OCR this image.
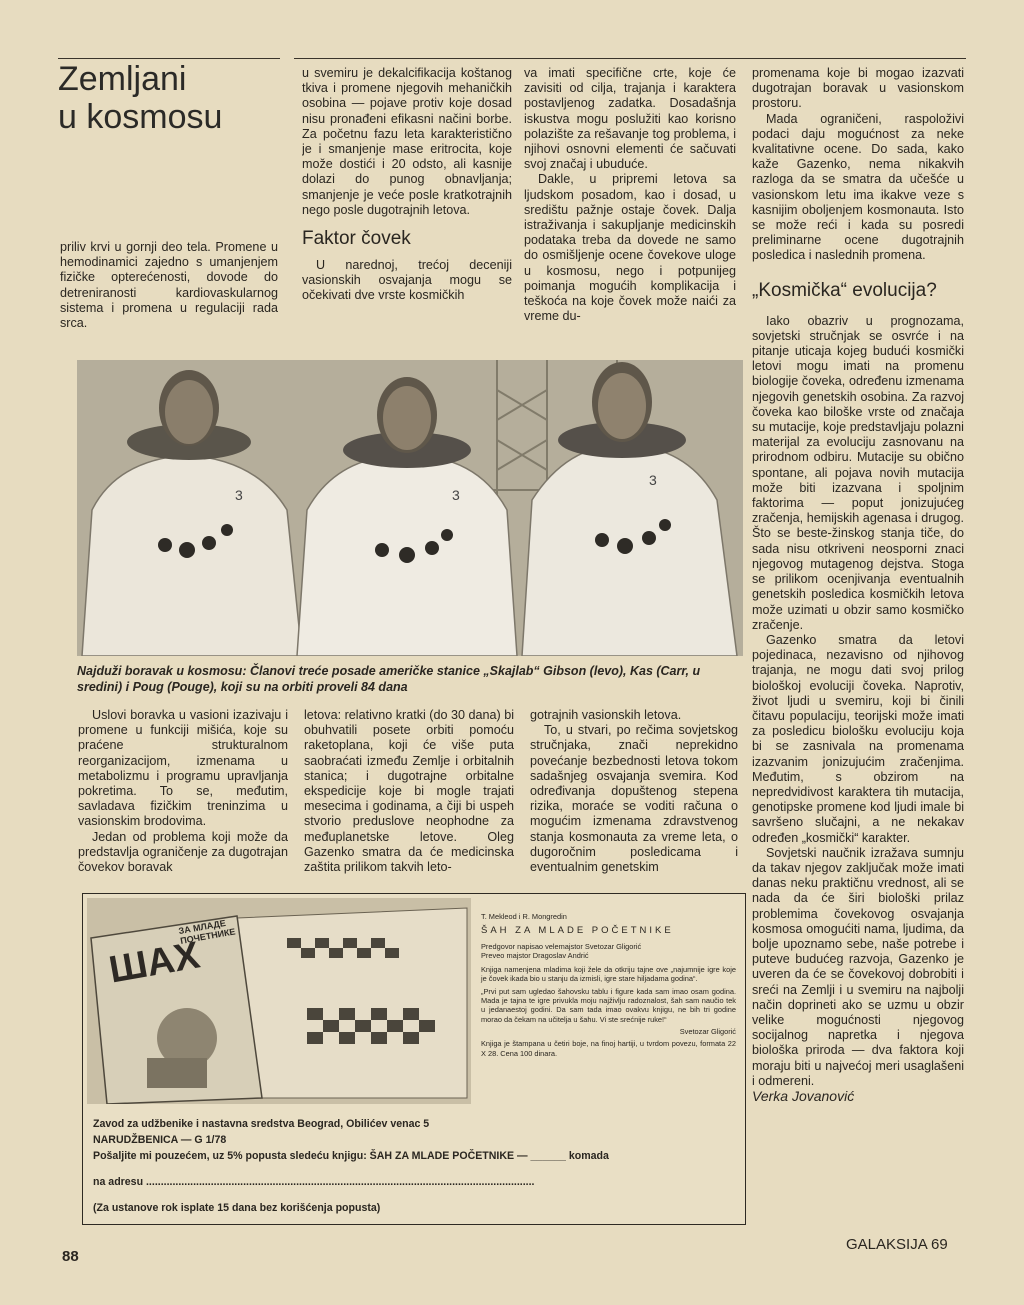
Zemljani
u kosmosu

priliv krvi u gornji deo tela. Promene u hemodinamici zajedno s umanjenjem fizičke opterećenosti, dovode do detreniranosti kardiovaskularnog sistema i promena u regulaciji rada srca.

u svemiru je dekalcifikacija koštanog tkiva i promene njegovih mehaničkih osobina — pojave protiv koje dosad nisu pronađeni efikasni načini borbe. Za početnu fazu leta karakteristično je i smanjenje mase eritrocita, koje može dostići i 20 odsto, ali kasnije dolazi do punog obnavljanja; smanjenje je veće posle kratkotrajnih nego posle dugotrajnih letova.

Faktor čovek

U narednoj, trećoj deceniji vasionskih osvajanja mogu se očekivati dve vrste kosmičkih

va imati specifične crte, koje će zavisiti od cilja, trajanja i karaktera postavljenog zadatka. Dosadašnja iskustva mogu poslužiti kao korisno polazište za rešavanje tog problema, i njihovi osnovni elementi će sačuvati svoj značaj i ubuduće.

Dakle, u pripremi letova sa ljudskom posadom, kao i dosad, u središtu pažnje ostaje čovek. Dalja istraživanja i sakupljanje medicinskih podataka treba da dovede ne samo do osmišljenje ocene čovekove uloge u kosmosu, nego i potpunijeg poimanja mogućih komplikacija i teškoća na koje čovek može naići za vreme du-

promenama koje bi mogao izazvati dugotrajan boravak u vasionskom prostoru.

Mada ograničeni, raspoloživi podaci daju mogućnost za neke kvalitativne ocene. Do sada, kako kaže Gazenko, nema nikakvih razloga da se smatra da učešće u vasionskom letu ima ikakve veze s kasnijim oboljenjem kosmonauta. Isto se može reći i kada su posredi preliminarne ocene dugotrajnih posledica i naslednih promena.

„Kosmička“ evolucija?

Iako obazriv u prognozama, sovjetski stručnjak se osvrće i na pitanje uticaja kojeg budući kosmički letovi mogu imati na promenu biologije čoveka, određenu izmenama njegovih genetskih osobina. Za razvoj čoveka kao biloške vrste od značaja su mutacije, koje predstavljaju polazni materijal za evoluciju zasnovanu na prirodnom odbiru. Mutacije su obično spontane, ali pojava novih mutacija može biti izazvana i spoljnim faktorima — poput jonizujućeg zračenja, hemijskih agenasa i drugog. Što se beste-žinskog stanja tiče, do sada nisu otkriveni neosporni znaci njegovog mutagenog dejstva. Stoga se prilikom ocenjivanja eventualnih genetskih posledica kosmičkih letova može uzimati u obzir samo kosmičko zračenje.

Gazenko smatra da letovi pojedinaca, nezavisno od njihovog trajanja, ne mogu dati svoj prilog biološkoj evoluciji čoveka. Naprotiv, život ljudi u svemiru, koji bi činili čitavu populaciju, teorijski može imati za posledicu biološku evoluciju koja bi se zasnivala na promenama izazvanim jonizujućim zračenjima. Međutim, s obzirom na nepredvidivost karaktera tih mutacija, genotipske promene kod ljudi imale bi savršeno slučajni, a ne nekakav određen „kosmički“ karakter.

Sovjetski naučnik izražava sumnju da takav njegov zaključak može imati danas neku praktičnu vrednost, ali se nada da će širi biološki prilaz problemima čovekovog osvajanja kosmosa omogućiti nama, ljudima, da bolje upoznamo sebe, naše potrebe i puteve budućeg razvoja, Gazenko je uveren da će se čovekovoj dobrobiti i sreći na Zemlji i u svemiru na najbolji način doprineti ako se uzmu u obzir velike mogućnosti njegovog socijalnog napretka i njegova biološka priroda — dva faktora koji moraju biti u najvećoj meri usaglašeni i odmereni.

Verka Jovanović

3	3
3
Najduži boravak u kosmosu: Članovi treće posade američke stanice „Skajlab“ Gibson (levo), Kas (Carr, u sredini) i Poug (Pouge), koji su na orbiti proveli 84 dana

Uslovi boravka u vasioni izazivaju i promene u funkciji mišića, koje su praćene strukturalnom reorganizacijom, izmenama u metabolizmu i programu upravljanja pokretima. To se, međutim, savladava fizičkim treninzima u vasionskim brodovima.

Jedan od problema koji može da predstavlja ograničenje za dugotrajan čovekov boravak

letova: relativno kratki (do 30 dana) bi obuhvatili posete orbiti pomoću raketoplana, koji će više puta saobraćati između Zemlje i orbitalnih stanica; i dugotrajne orbitalne ekspedicije koje bi mogle trajati mesecima i godinama, a čiji bi uspeh stvorio preduslove neophodne za međuplanetske letove. Oleg Gazenko smatra da će medicinska zaštita prilikom takvih leto-

gotrajnih vasionskih letova.

To, u stvari, po rečima sovjetskog stručnjaka, znači neprekidno povećanje bezbednosti letova tokom sadašnjeg osvajanja svemira. Kod određivanja dopuštenog stepena rizika, moraće se voditi računa o mogućim izmenama zdravstvenog stanja kosmonauta za vreme leta, o dugoročnim posledicama i eventualnim genetskim

ШАХ
ЗА МЛАДЕ ПОЧЕТНИКЕ
T. Mekleod i R. Mongredin
ŠAH ZA MLADE POČETNIKE
Predgovor napisao velemajstor Svetozar Gligorić
Preveo majstor Dragoslav Andrić

Knjiga namenjena mladima koji žele da otkriju tajne ove „najumnije igre koje je čovek ikada bio u stanju da izmisli, igre stare hiljadama godina“.

„Prvi put sam ugledao šahovsku tablu i figure kada sam imao osam godina. Mada je tajna te igre privukla moju najživlju radoznalost, šah sam naučio tek u jedanaestoj godini. Da sam tada imao ovakvu knjigu, ne bih tri godine morao da čekam na učitelja u šahu. Vi ste srećnije ruke!“

Svetozar Gligorić

Knjiga je štampana u četiri boje, na finoj hartiji, u tvrdom povezu, formata 22 X 28. Cena 100 dinara.

Zavod za udžbenike i nastavna sredstva Beograd, Obilićev venac 5
NARUDŽBENICA — G 1/78
Pošaljite mi pouzećem, uz 5% popusta sledeću knjigu: ŠAH ZA MLADE POČETNIKE — ______ komada
na adresu ....................................................................................................................................
(Za ustanove rok isplate 15 dana bez korišćenja popusta)
88
GALAKSIJA 69
